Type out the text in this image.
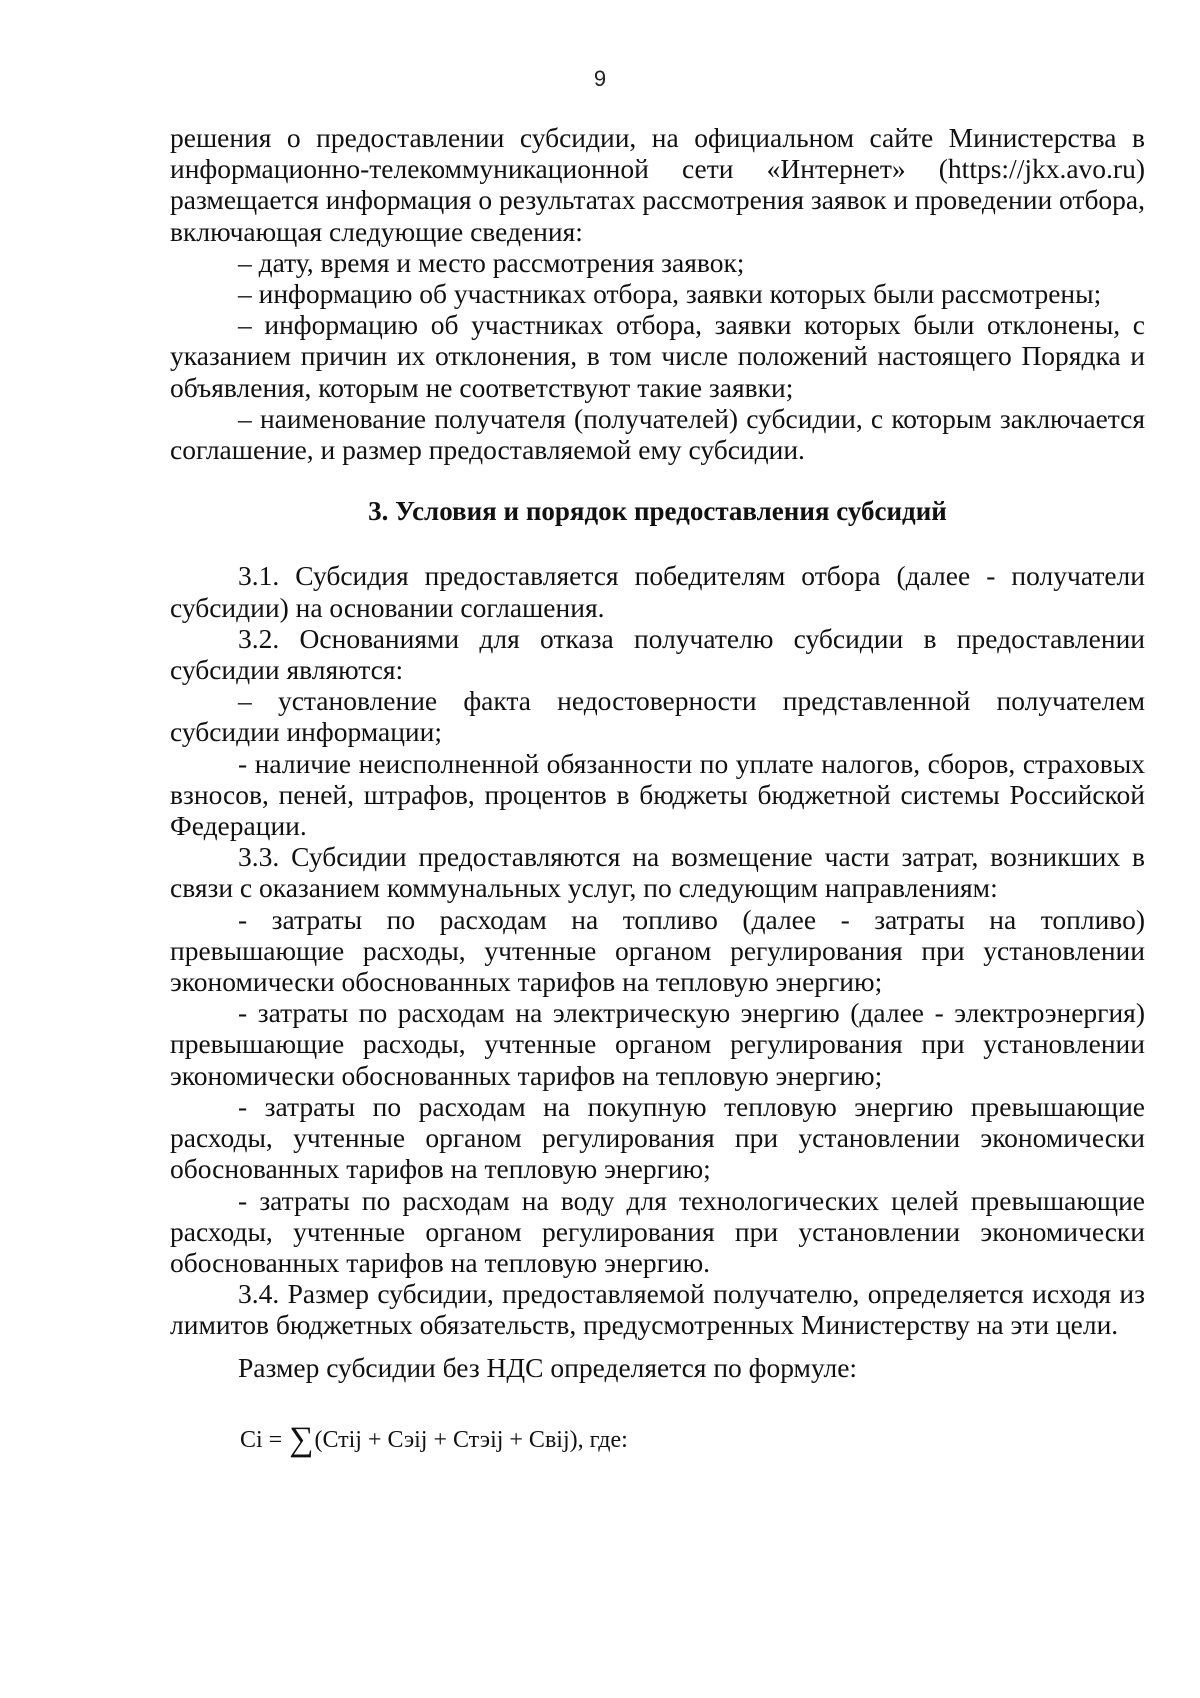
9

решения о предоставлении субсидии, на официальном сайте Министерства в информационно-телекоммуникационной сети «Интернет» (https://jkx.avo.ru) размещается информация о результатах рассмотрения заявок и проведении отбора, включающая следующие сведения:

– дату, время и место рассмотрения заявок;

– информацию об участниках отбора, заявки которых были рассмотрены;

– информацию об участниках отбора, заявки которых были отклонены, с указанием причин их отклонения, в том числе положений настоящего Порядка и объявления, которым не соответствуют такие заявки;

– наименование получателя (получателей) субсидии, с которым заключается соглашение, и размер предоставляемой ему субсидии.

3. Условия и порядок предоставления субсидий

3.1. Субсидия предоставляется победителям отбора (далее - получатели субсидии) на основании соглашения.

3.2. Основаниями для отказа получателю субсидии в предоставлении субсидии являются:

– установление факта недостоверности представленной получателем субсидии информации;

- наличие неисполненной обязанности по уплате налогов, сборов, страховых взносов, пеней, штрафов, процентов в бюджеты бюджетной системы Российской Федерации.

3.3. Субсидии предоставляются на возмещение части затрат, возникших в связи с оказанием коммунальных услуг, по следующим направлениям:

- затраты по расходам на топливо (далее - затраты на топливо) превышающие расходы, учтенные органом регулирования при установлении экономически обоснованных тарифов на тепловую энергию;

- затраты по расходам на электрическую энергию (далее - электроэнергия) превышающие расходы, учтенные органом регулирования при установлении экономически обоснованных тарифов на тепловую энергию;

- затраты по расходам на покупную тепловую энергию превышающие расходы, учтенные органом регулирования при установлении экономически обоснованных тарифов на тепловую энергию;

- затраты по расходам на воду для технологических целей превышающие расходы, учтенные органом регулирования при установлении экономически обоснованных тарифов на тепловую энергию.

3.4. Размер субсидии, предоставляемой получателю, определяется исходя из лимитов бюджетных обязательств, предусмотренных Министерству на эти цели.

Размер субсидии без НДС определяется по формуле:

Ci = ∑(Стij + Сэij + Стэij + Свij), где:
